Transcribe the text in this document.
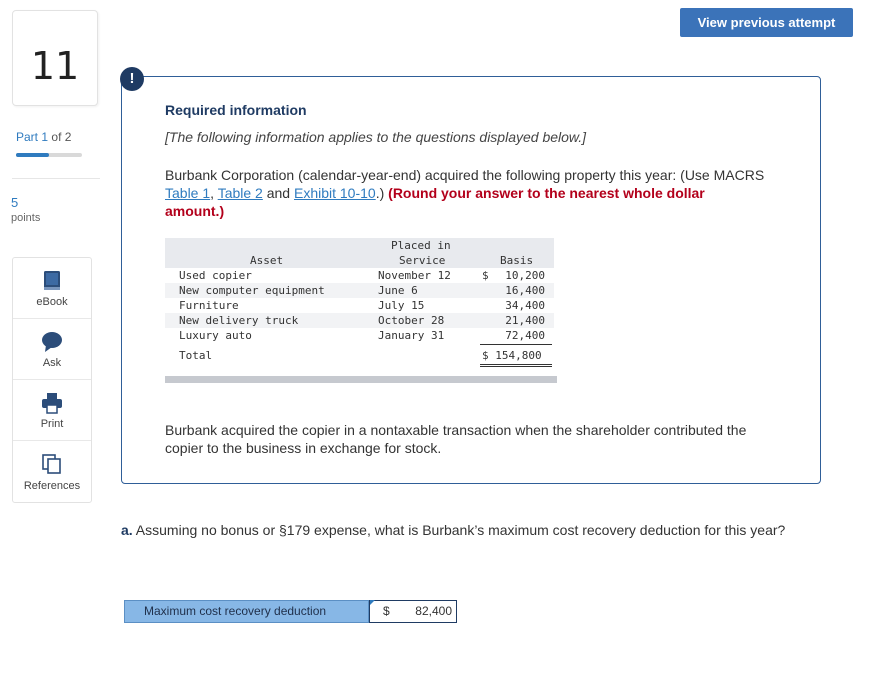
11
Part 1 of 2
5
points
eBook
Ask
Print
References
View previous attempt
!
Required information
[The following information applies to the questions displayed below.]
Burbank Corporation (calendar-year-end) acquired the following property this year: (Use MACRS Table 1, Table 2 and Exhibit 10-10.) (Round your answer to the nearest whole dollar amount.)
Placed in
Asset	Service	Basis
Used copier	November 12	$	10,200
New computer equipment	June 6	16,400
Furniture	July 15	34,400
New delivery truck	October 28	21,400
Luxury auto	January 31	72,400
Total	$ 154,800
Burbank acquired the copier in a nontaxable transaction when the shareholder contributed the copier to the business in exchange for stock.
a. Assuming no bonus or §179 expense, what is Burbank’s maximum cost recovery deduction for this year?
Maximum cost recovery deduction	$ 82,400
